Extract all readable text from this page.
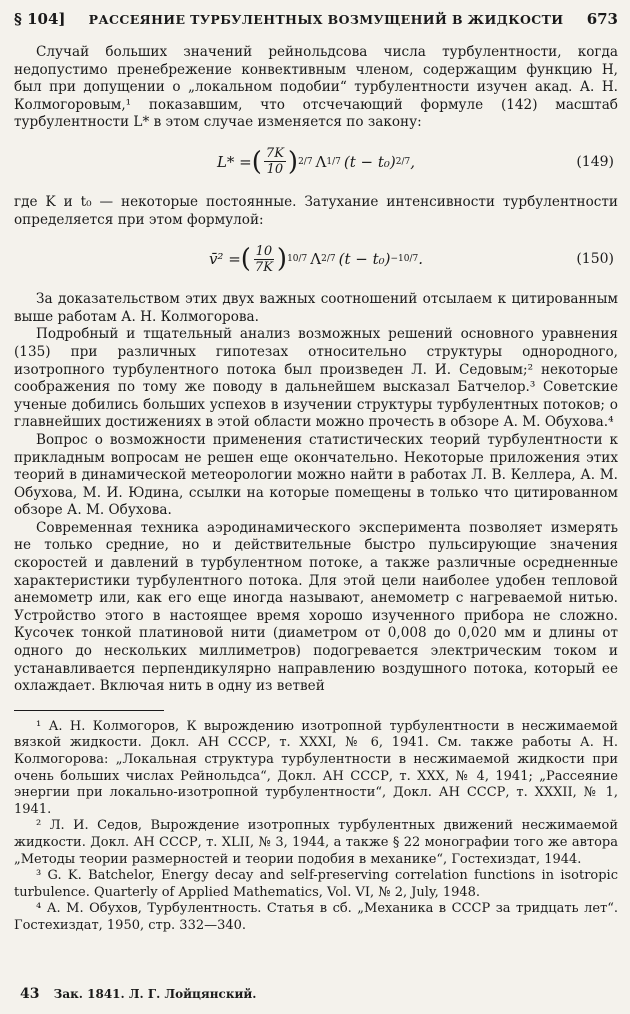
§ 104] РАССЕЯНИЕ ТУРБУЛЕНТНЫХ ВОЗМУЩЕНИЙ В ЖИДКОСТИ 673

Случай больших значений рейнольдсова числа турбулентности, когда недопустимо пренебрежение конвективным членом, содержащим функцию H, был при допущении о „локальном подобии“ турбулентности изучен акад. А. Н. Колмогоровым,¹ показавшим, что отсчечающий формуле (142) масштаб турбулентности L* в этом случае изменяется по закону:

L* = ( $\frac{7K}{10}$ ) 2/7 Λ 1/7 (t − t₀) 2/7 ,	(149)

где K и t₀ — некоторые постоянные. Затухание интенсивности турбулентности определяется при этом формулой:

v̄² = ( $\frac{10}{7K}$ ) 10/7 Λ 2/7 (t − t₀) −10/7 .	(150)

За доказательством этих двух важных соотношений отсылаем к цитированным выше работам А. Н. Колмогорова.

Подробный и тщательный анализ возможных решений основного уравнения (135) при различных гипотезах относительно структуры однородного, изотропного турбулентного потока был произведен Л. И. Седовым;² некоторые соображения по тому же поводу в дальнейшем высказал Батчелор.³ Советские ученые добились больших успехов в изучении структуры турбулентных потоков; о главнейших достижениях в этой области можно прочесть в обзоре А. М. Обухова.⁴

Вопрос о возможности применения статистических теорий турбулентности к прикладным вопросам не решен еще окончательно. Некоторые приложения этих теорий в динамической метеорологии можно найти в работах Л. В. Келлера, А. М. Обухова, М. И. Юдина, ссылки на которые помещены в только что цитированном обзоре А. М. Обухова.

Современная техника аэродинамического эксперимента позволяет измерять не только средние, но и действительные быстро пульсирующие значения скоростей и давлений в турбулентном потоке, а также различные осредненные характеристики турбулентного потока. Для этой цели наиболее удобен тепловой анемометр или, как его еще иногда называют, анемометр с нагреваемой нитью. Устройство этого в настоящее время хорошо изученного прибора не сложно. Кусочек тонкой платиновой нити (диаметром от 0,008 до 0,020 мм и длины от одного до нескольких миллиметров) подогревается электрическим током и устанавливается перпендикулярно направлению воздушного потока, который ее охлаждает. Включая нить в одну из ветвей

¹ А. Н. Колмогоров, К вырождению изотропной турбулентности в несжимаемой вязкой жидкости. Докл. АН СССР, т. XXXI, № 6, 1941. См. также работы А. Н. Колмогорова: „Локальная структура турбулентности в несжимаемой жидкости при очень больших числах Рейнольдса“, Докл. АН СССР, т. XXX, № 4, 1941; „Рассеяние энергии при локально-изотропной турбулентности“, Докл. АН СССР, т. XXXII, № 1, 1941.

² Л. И. Седов, Вырождение изотропных турбулентных движений несжимаемой жидкости. Докл. АН СССР, т. XLII, № 3, 1944, а также § 22 монографии того же автора „Методы теории размерностей и теории подобия в механике“, Гостехиздат, 1944.

³ G. K. Batchelor, Energy decay and self-preserving correlation functions in isotropic turbulence. Quarterly of Applied Mathematics, Vol. VI, № 2, July, 1948.

⁴ А. М. Обухов, Турбулентность. Статья в сб. „Механика в СССР за тридцать лет“. Гостехиздат, 1950, стр. 332—340.

43 Зак. 1841. Л. Г. Лойцянский.
